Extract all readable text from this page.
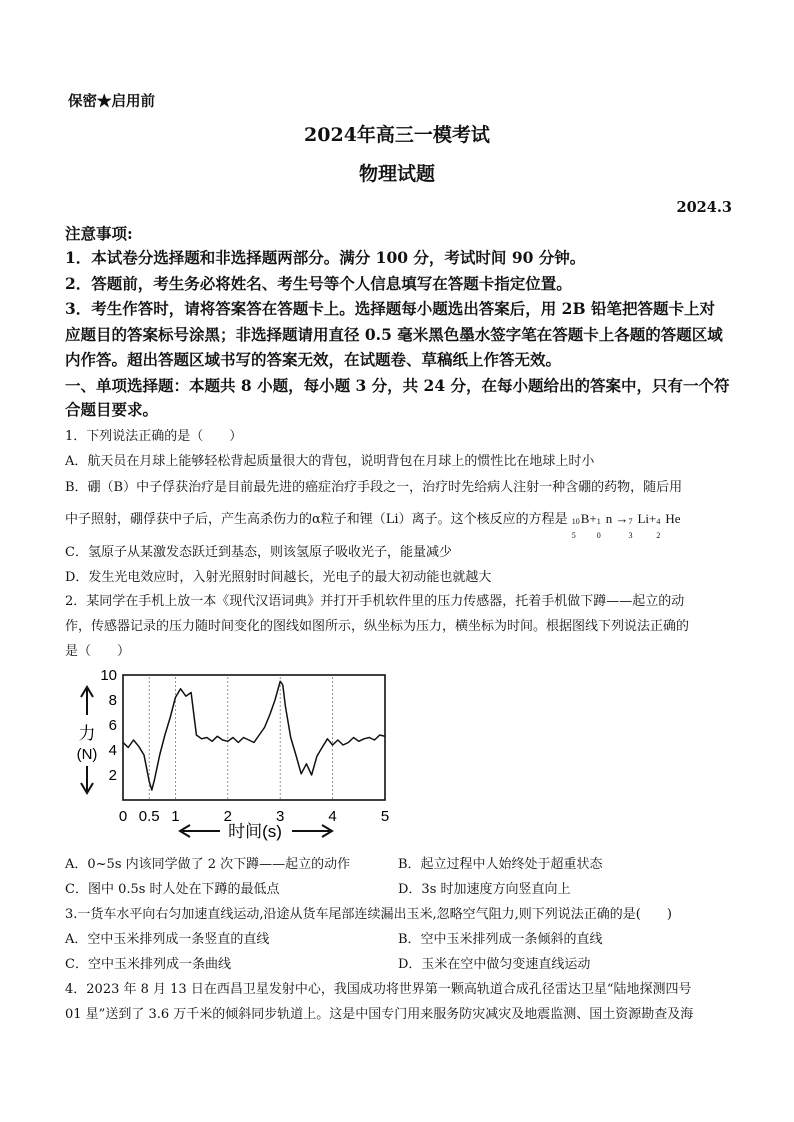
保密★启用前
2024年高三一模考试
物理试题
2024.3
注意事项:
1．本试卷分选择题和非选择题两部分。满分 100 分，考试时间 90 分钟。
2．答题前，考生务必将姓名、考生号等个人信息填写在答题卡指定位置。
3．考生作答时，请将答案答在答题卡上。选择题每小题选出答案后，用 2B 铅笔把答题卡上对
应题目的答案标号涂黑；非选择题请用直径 0.5 毫米黑色墨水签字笔在答题卡上各题的答题区域
内作答。超出答题区域书写的答案无效，在试题卷、草稿纸上作答无效。
一、单项选择题：本题共 8 小题，每小题 3 分，共 24 分，在每小题给出的答案中，只有一个符
合题目要求。
1．下列说法正确的是（　　）
A．航天员在月球上能够轻松背起质量很大的背包，说明背包在月球上的惯性比在地球上时小
B．硼（B）中子俘获治疗是目前最先进的癌症治疗手段之一，治疗时先给病人注射一种含硼的药物，随后用
中子照射，硼俘获中子后，产生高杀伤力的α粒子和锂（Li）离子。这个核反应的方程是 10
5
B+ 1
0
n → 7
3
Li+ 4
2
He
C．氢原子从某激发态跃迁到基态，则该氢原子吸收光子，能量减少
D．发生光电效应时，入射光照射时间越长，光电子的最大初动能也就越大
2．某同学在手机上放一本《现代汉语词典》并打开手机软件里的压力传感器，托着手机做下蹲——起立的动
作，传感器记录的压力随时间变化的图线如图所示，纵坐标为压力，横坐标为时间。根据图线下列说法正确的
是（　　）
2
4
6
8
10
0 0.5 1	2	3	4	5
力
(N)
时间(s)
A．0~5s 内该同学做了 2 次下蹲——起立的动作	B．起立过程中人始终处于超重状态
C．图中 0.5s 时人处在下蹲的最低点	D．3s 时加速度方向竖直向上
3.一货车水平向右匀加速直线运动,沿途从货车尾部连续漏出玉米,忽略空气阻力,则下列说法正确的是(　　)
A．空中玉米排列成一条竖直的直线	B．空中玉米排列成一条倾斜的直线
C．空中玉米排列成一条曲线	D．玉米在空中做匀变速直线运动
4．2023 年 8 月 13 日在西昌卫星发射中心，我国成功将世界第一颗高轨道合成孔径雷达卫星“陆地探测四号
01 星”送到了 3.6 万千米的倾斜同步轨道上。这是中国专门用来服务防灾减灾及地震监测、国土资源勘查及海
